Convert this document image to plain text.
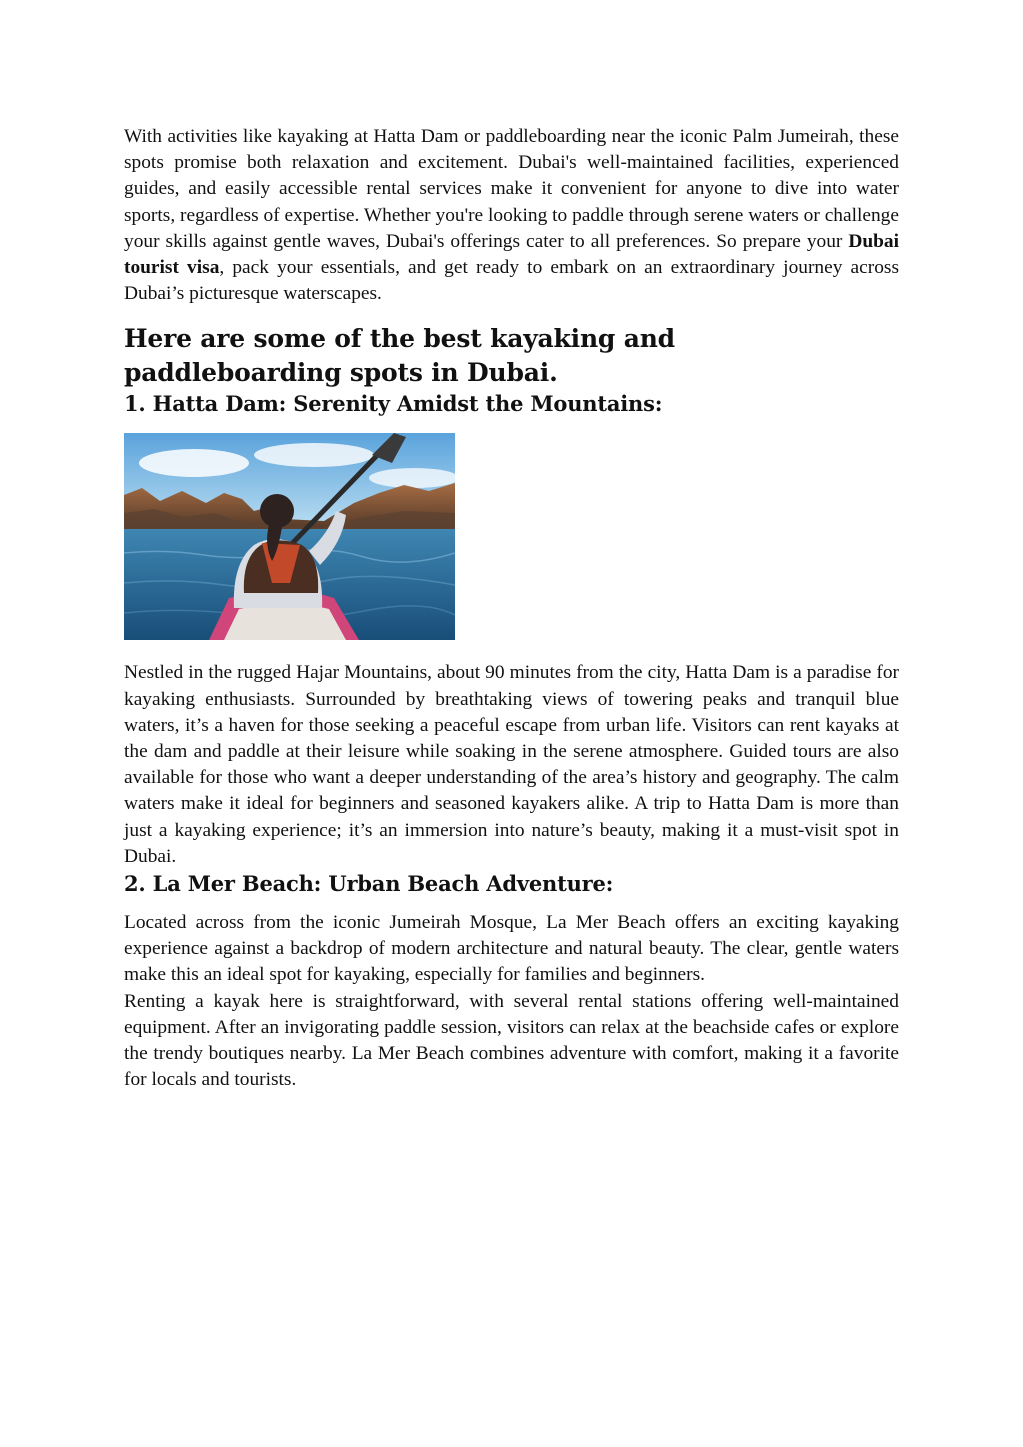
With activities like kayaking at Hatta Dam or paddleboarding near the iconic Palm Jumeirah, these spots promise both relaxation and excitement. Dubai's well-maintained facilities, experienced guides, and easily accessible rental services make it convenient for anyone to dive into water sports, regardless of expertise. Whether you're looking to paddle through serene waters or challenge your skills against gentle waves, Dubai's offerings cater to all preferences. So prepare your Dubai tourist visa, pack your essentials, and get ready to embark on an extraordinary journey across Dubai’s picturesque waterscapes.

Here are some of the best kayaking and paddleboarding spots in Dubai.
1. Hatta Dam: Serenity Amidst the Mountains:

Nestled in the rugged Hajar Mountains, about 90 minutes from the city, Hatta Dam is a paradise for kayaking enthusiasts. Surrounded by breathtaking views of towering peaks and tranquil blue waters, it’s a haven for those seeking a peaceful escape from urban life. Visitors can rent kayaks at the dam and paddle at their leisure while soaking in the serene atmosphere. Guided tours are also available for those who want a deeper understanding of the area’s history and geography. The calm waters make it ideal for beginners and seasoned kayakers alike. A trip to Hatta Dam is more than just a kayaking experience; it’s an immersion into nature’s beauty, making it a must-visit spot in Dubai.

2. La Mer Beach: Urban Beach Adventure:

Located across from the iconic Jumeirah Mosque, La Mer Beach offers an exciting kayaking experience against a backdrop of modern architecture and natural beauty. The clear, gentle waters make this an ideal spot for kayaking, especially for families and beginners.

Renting a kayak here is straightforward, with several rental stations offering well-maintained equipment. After an invigorating paddle session, visitors can relax at the beachside cafes or explore the trendy boutiques nearby. La Mer Beach combines adventure with comfort, making it a favorite for locals and tourists.
